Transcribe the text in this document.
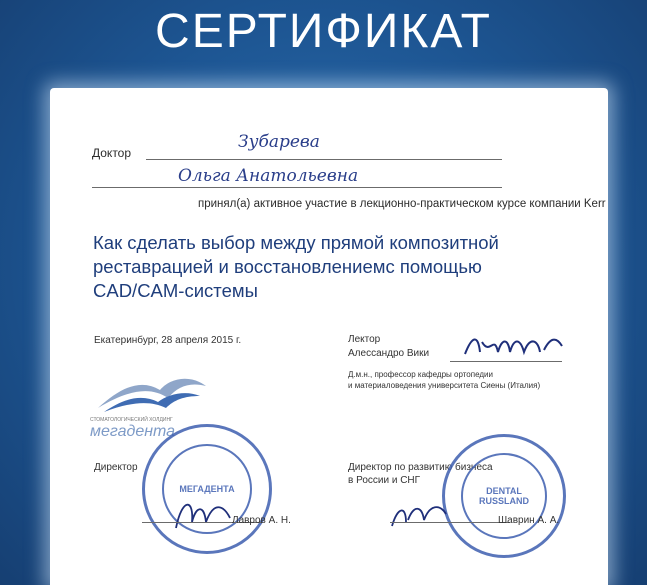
СЕРТИФИКАТ
Доктор
Зубарева
Ольга Анатольевна
принял(а) активное участие в лекционно-практическом курсе компании Kerr
Как сделать выбор между прямой композитной
реставрацией и восстановлениемс помощью
CAD/CAM-системы
Екатеринбург, 28 апреля 2015 г.	Лектор
Алессандро Вики
Д.м.н., профессор кафедры ортопедии
и материаловедения университета Сиены (Италия)
СТОМАТОЛОГИЧЕСКИЙ ХОЛДИНГ
мегадента
Директор
МЕГАДЕНТА
Лавров А. Н.
Директор по развитию бизнеса
в России и СНГ
DENTAL RUSSLAND
Шаврин А. А.
